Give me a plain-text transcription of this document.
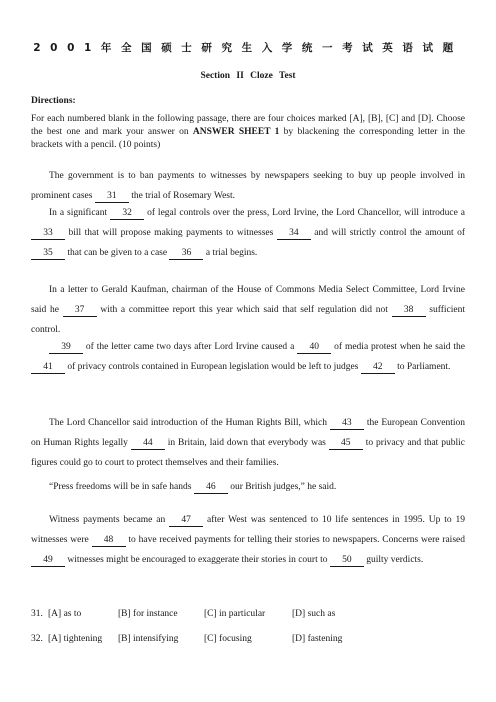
2001年全国硕士研究生入学统一考试英语试题
Section II Cloze Test
Directions:
For each numbered blank in the following passage, there are four choices marked [A], [B], [C] and [D]. Choose the best one and mark your answer on ANSWER SHEET 1 by blackening the corresponding letter in the brackets with a pencil. (10 points)

The government is to ban payments to witnesses by newspapers seeking to buy up people involved in prominent cases 31 the trial of Rosemary West.

In a significant 32 of legal controls over the press, Lord Irvine, the Lord Chancellor, will introduce a 33 bill that will propose making payments to witnesses 34 and will strictly control the amount of 35 that can be given to a case 36 a trial begins.

In a letter to Gerald Kaufman, chairman of the House of Commons Media Select Committee, Lord Irvine said he 37 with a committee report this year which said that self regulation did not 38 sufficient control.

39 of the letter came two days after Lord Irvine caused a 40 of media protest when he said the 41 of privacy controls contained in European legislation would be left to judges 42 to Parliament.

The Lord Chancellor said introduction of the Human Rights Bill, which 43 the European Convention on Human Rights legally 44 in Britain, laid down that everybody was 45 to privacy and that public figures could go to court to protect themselves and their families.

“Press freedoms will be in safe hands 46 our British judges,” he said.

Witness payments became an 47 after West was sentenced to 10 life sentences in 1995. Up to 19 witnesses were 48 to have received payments for telling their stories to newspapers. Concerns were raised 49 witnesses might be encouraged to exaggerate their stories in court to 50 guilty verdicts.

31. [A] as to	[B] for instance	[C] in particular	[D] such as
32. [A] tightening [B] intensifying	[C] focusing	[D] fastening
